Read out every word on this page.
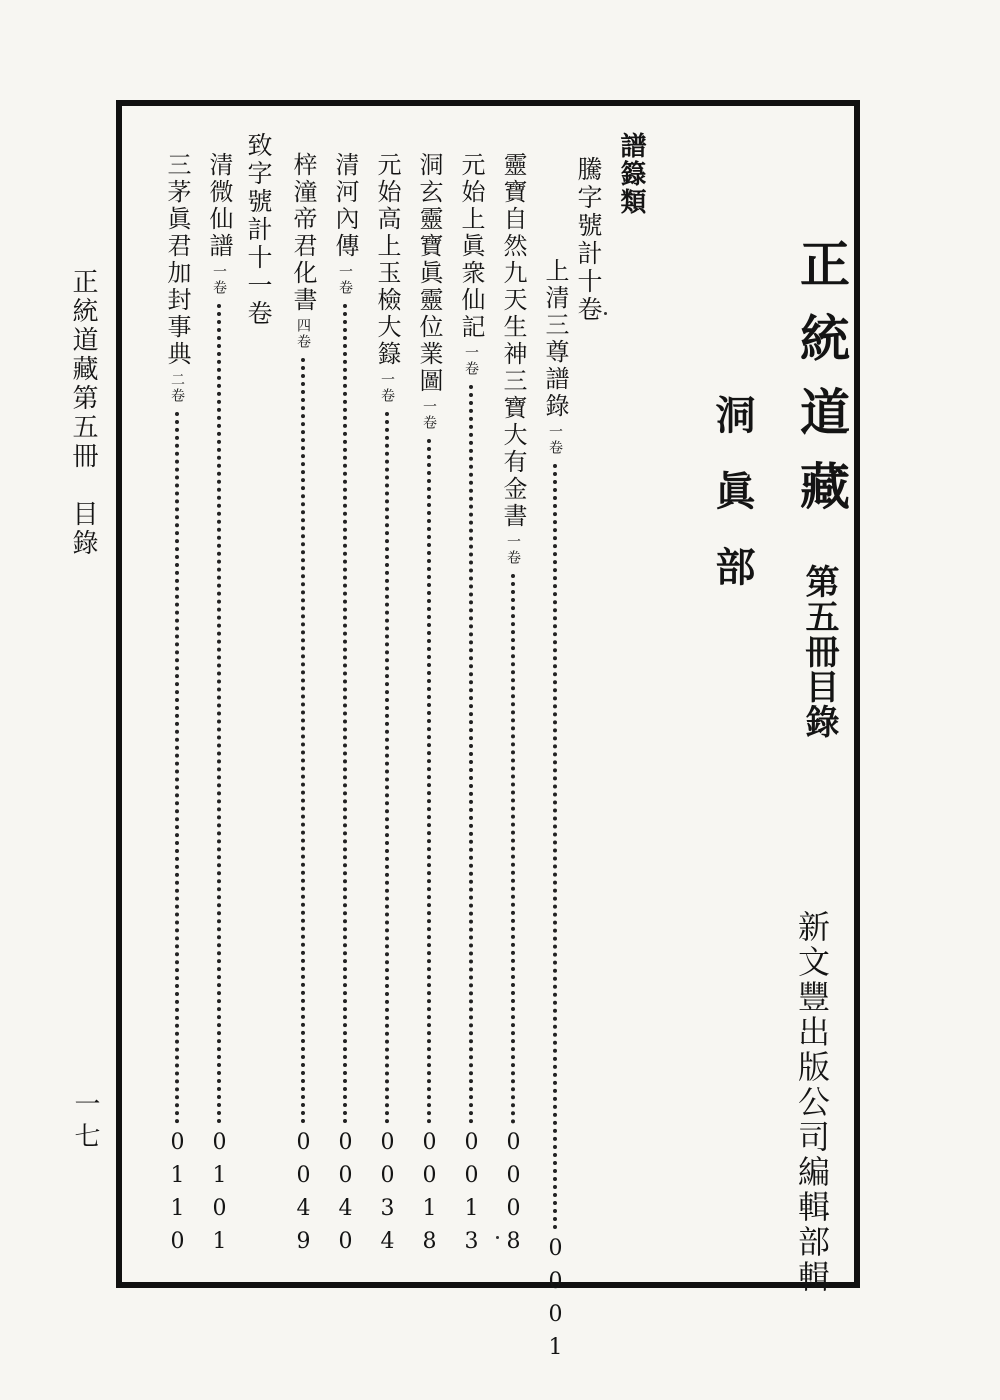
正統道藏
洞眞部
第五冊目錄
新文豐出版公司編輯部輯
譜籙類
騰字號計十卷
上清三尊譜錄
一卷
0001
靈寶自然九天生神三寶大有金書
一卷
0008
元始上眞衆仙記
一卷
0013
洞玄靈寶眞靈位業圖
一卷
0018
元始高上玉檢大籙
一卷
0034
清河內傳
一卷
0040
梓潼帝君化書
四卷
0049
致字號計十一卷
清微仙譜
一卷
0101
三茅眞君加封事典
二卷
0110
正統道藏第五冊　目錄
一七
